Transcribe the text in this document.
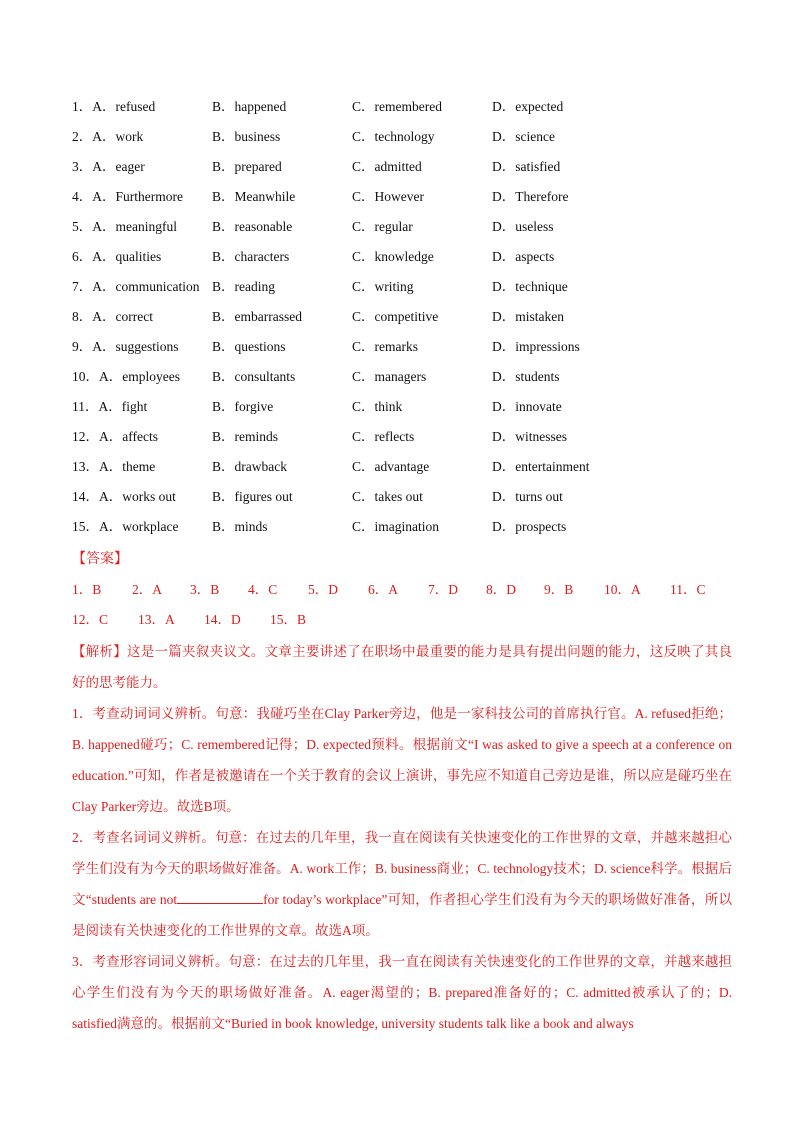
1．A．refused	B．happened	C．remembered	D．expected
2．A．work	B．business	C．technology	D．science
3．A．eager	B．prepared	C．admitted	D．satisfied
4．A．Furthermore B．Meanwhile	C．However	D．Therefore
5．A．meaningful	B．reasonable	C．regular	D．useless
6．A．qualities	B．characters	C．knowledge	D．aspects
7．A．communication B．reading	C．writing	D．technique
8．A．correct	B．embarrassed	C．competitive	D．mistaken
9．A．suggestions B．questions	C．remarks	D．impressions
10．A．employees B．consultants	C．managers	D．students
11．A．fight	B．forgive	C．think	D．innovate
12．A．affects	B．reminds	C．reflects	D．witnesses
13．A．theme	B．drawback	C．advantage	D．entertainment
14．A．works out	B．figures out	C．takes out	D．turns out
15．A．workplace B．minds	C．imagination	D．prospects
【答案】
1．B 2．A 3．B 4．C 5．D 6．A 7．D 8．D 9．B 10．A 11．C
12．C 13．A 14．D 15．B
【解析】这是一篇夹叙夹议文。文章主要讲述了在职场中最重要的能力是具有提出问题的能力，这反映了其良好的思考能力。
1．考查动词词义辨析。句意：我碰巧坐在Clay Parker旁边，他是一家科技公司的首席执行官。A. refused拒绝；B. happened碰巧；C. remembered记得；D. expected预料。根据前文“I was asked to give a speech at a conference on education.”可知，作者是被邀请在一个关于教育的会议上演讲，事先应不知道自己旁边是谁，所以应是碰巧坐在Clay Parker旁边。故选B项。
2．考查名词词义辨析。句意：在过去的几年里，我一直在阅读有关快速变化的工作世界的文章，并越来越担心学生们没有为今天的职场做好准备。A. work工作；B. business商业；C. technology技术；D. science科学。根据后文“students are not	for today’s workplace”可知，作者担心学生们没有为今天的职场做好准备，所以是阅读有关快速变化的工作世界的文章。故选A项。
3．考查形容词词义辨析。句意：在过去的几年里，我一直在阅读有关快速变化的工作世界的文章，并越来越担心学生们没有为今天的职场做好准备。A. eager渴望的；B. prepared准备好的；C. admitted被承认了的；D. satisfied满意的。根据前文“Buried in book knowledge, university students talk like a book and always
